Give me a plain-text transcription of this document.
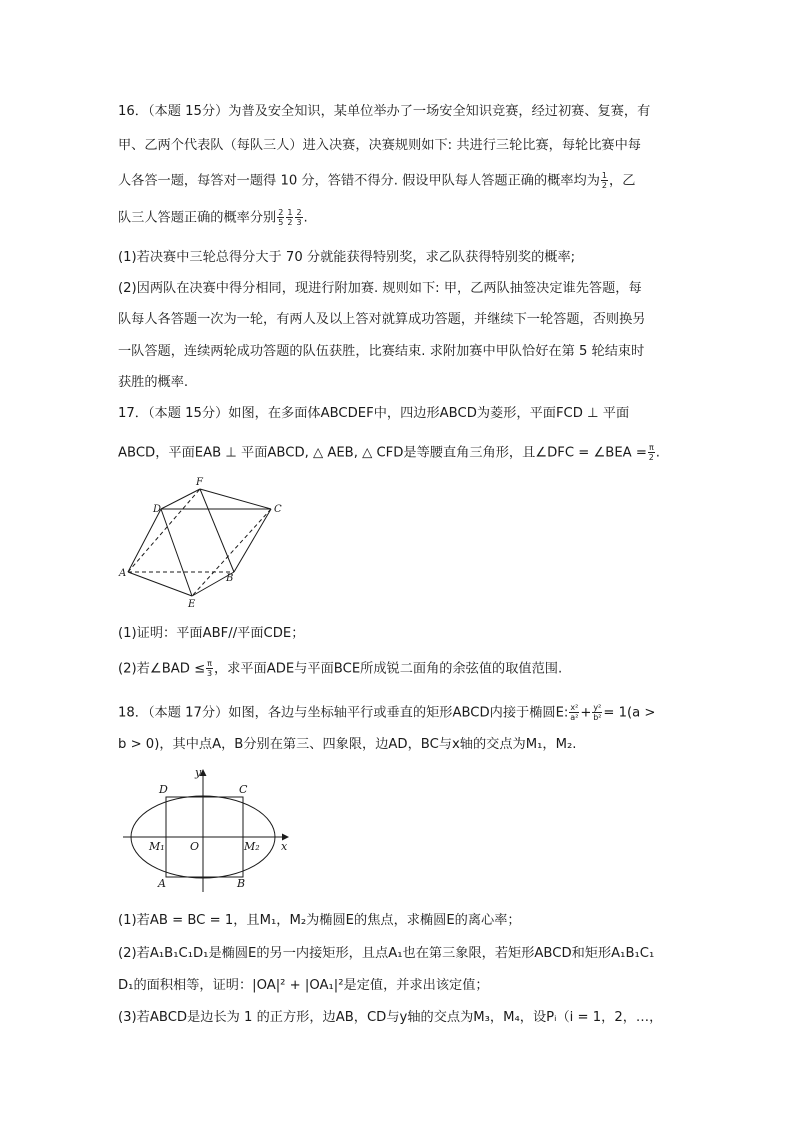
16．（本题 15分）为普及安全知识，某单位举办了一场安全知识竞赛，经过初赛、复赛，有
甲、乙两个代表队（每队三人）进入决赛，决赛规则如下: 共进行三轮比赛，每轮比赛中每
人各答一题，每答对一题得 10 分，答错不得分. 假设甲队每人答题正确的概率均为 $\frac{1}{2}$ ，乙
队三人答题正确的概率分别 $\frac{2}{5} \frac{1}{2} \frac{2}{3}$ .
(1)若决赛中三轮总得分大于 70 分就能获得特别奖，求乙队获得特别奖的概率;
(2)因两队在决赛中得分相同，现进行附加赛. 规则如下: 甲，乙两队抽签决定谁先答题，每
队每人各答题一次为一轮，有两人及以上答对就算成功答题，并继续下一轮答题，否则换另
一队答题，连续两轮成功答题的队伍获胜，比赛结束. 求附加赛中甲队恰好在第 5 轮结束时
获胜的概率.
17．（本题 15分）如图，在多面体ABCDEF中，四边形ABCD为菱形，平面FCD ⊥ 平面
ABCD，平面EAB ⊥ 平面ABCD, △ AEB, △ CFD是等腰直角三角形，且∠DFC = ∠BEA = $\frac{\pi}{2}$ .
F
D	C
A	B
E
(1)证明：平面ABF//平面CDE；
(2)若∠BAD ≤ $\frac{\pi}{3}$ ，求平面ADE与平面BCE所成锐二面角的余弦值的取值范围.
18．（本题 17分）如图，各边与坐标轴平行或垂直的矩形ABCD内接于椭圆E: $\frac{\text{x²}}{\text{a²}} + \frac{\text{y²}}{\text{b²}} = 1(a$ >
b > 0)，其中点A，B分别在第三、四象限，边AD，BC与x轴的交点为M₁，M₂.
y
x
O
D	C
A	B
M₁	M₂
(1)若AB = BC = 1，且M₁，M₂为椭圆E的焦点，求椭圆E的离心率；
(2)若A₁B₁C₁D₁是椭圆E的另一内接矩形，且点A₁也在第三象限，若矩形ABCD和矩形A₁B₁C₁
D₁的面积相等，证明：|OA|² + |OA₁|²是定值，并求出该定值；
(3)若ABCD是边长为 1 的正方形，边AB，CD与y轴的交点为M₃，M₄，设Pᵢ（i = 1，2，…，
